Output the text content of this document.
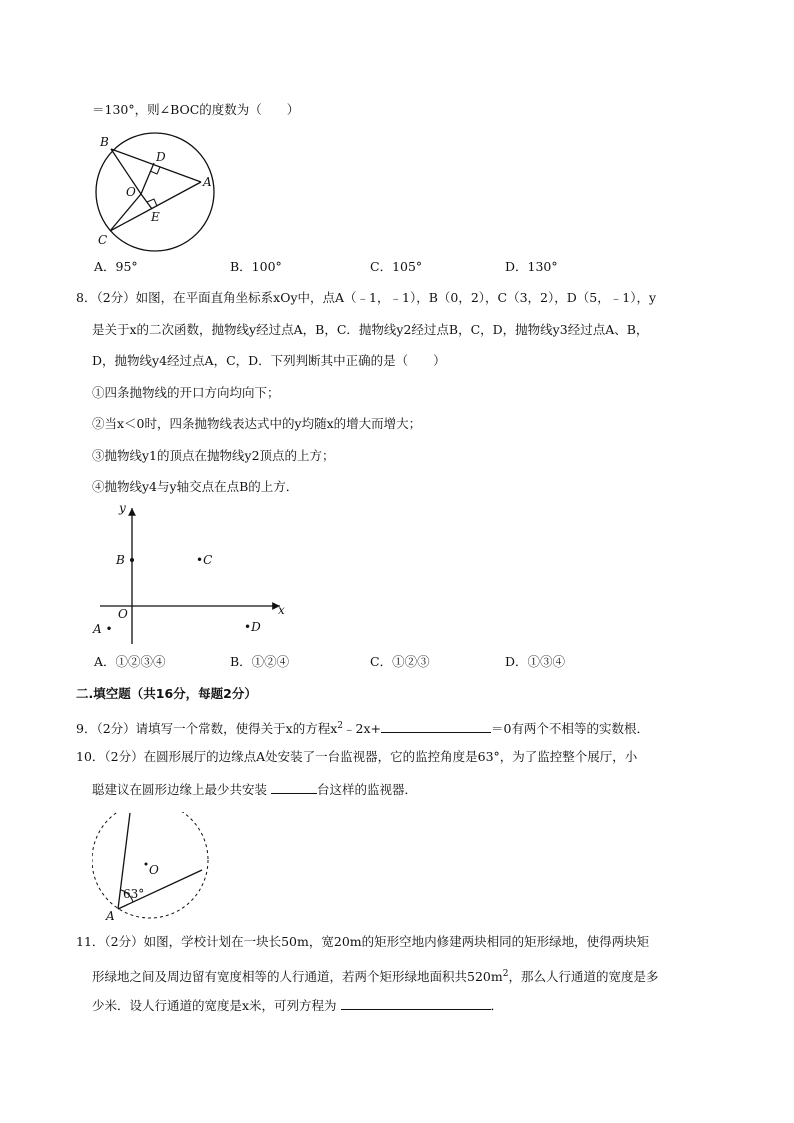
＝130°，则∠BOC的度数为（　　）
B
D
A
O
E
C
A．95°	B．100°	C．105°	D．130°
8．（2分）如图，在平面直角坐标系xOy中，点A（﹣1，﹣1），B（0，2），C（3，2），D（5，﹣1），y
是关于x的二次函数，抛物线y经过点A，B，C．抛物线y2经过点B，C，D，抛物线y3经过点A、B，
D，抛物线y4经过点A，C，D．下列判断其中正确的是（　　）
①四条抛物线的开口方向均向下；
②当x＜0时，四条抛物线表达式中的y均随x的增大而增大；
③抛物线y1的顶点在抛物线y2顶点的上方；
④抛物线y4与y轴交点在点B的上方．
y
x
O
B	•C
A •	•D
A．①②③④	B．①②④	C．①②③	D．①③④
二.填空题（共16分，每题2分）
9．（2分）请填写一个常数，使得关于x的方程$x^2﹣2x+$	＝0有两个不相等的实数根．
10．（2分）在圆形展厅的边缘点A处安装了一台监视器，它的监控角度是63°，为了监控整个展厅，小
聪建议在圆形边缘上最少共安装	台这样的监视器．
O
63°
A
11．（2分）如图，学校计划在一块长50m，宽20m的矩形空地内修建两块相同的矩形绿地，使得两块矩
形绿地之间及周边留有宽度相等的人行通道，若两个矩形绿地面积共$520m^2$，那么人行通道的宽度是多
少米．设人行通道的宽度是x米，可列方程为	．
